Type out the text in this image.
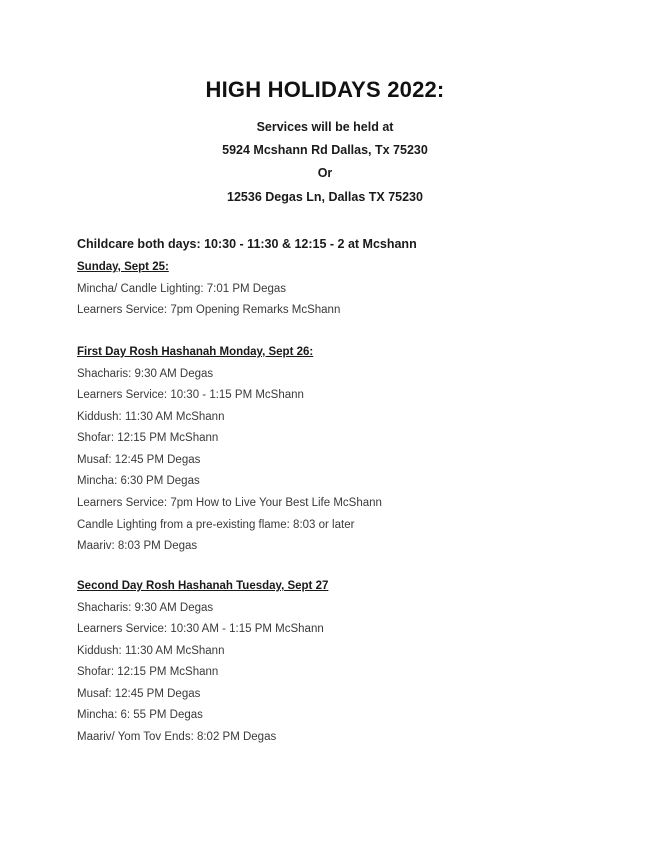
HIGH HOLIDAYS 2022:
Services will be held at
5924 Mcshann Rd Dallas, Tx 75230
Or
12536 Degas Ln, Dallas TX 75230
Childcare both days: 10:30 - 11:30 & 12:15 - 2 at Mcshann
Sunday, Sept 25:
Mincha/ Candle Lighting: 7:01 PM Degas
Learners Service: 7pm Opening Remarks McShann
First Day Rosh Hashanah Monday, Sept 26:
Shacharis: 9:30 AM Degas
Learners Service: 10:30 - 1:15 PM McShann
Kiddush: 11:30 AM McShann
Shofar: 12:15 PM McShann
Musaf: 12:45 PM Degas
Mincha: 6:30 PM Degas
Learners Service: 7pm How to Live Your Best Life McShann
Candle Lighting from a pre-existing flame: 8:03 or later
Maariv: 8:03 PM Degas
Second Day Rosh Hashanah Tuesday, Sept 27
Shacharis: 9:30 AM Degas
Learners Service: 10:30 AM - 1:15 PM McShann
Kiddush: 11:30 AM McShann
Shofar: 12:15 PM McShann
Musaf: 12:45 PM Degas
Mincha: 6: 55 PM Degas
Maariv/ Yom Tov Ends: 8:02 PM Degas
